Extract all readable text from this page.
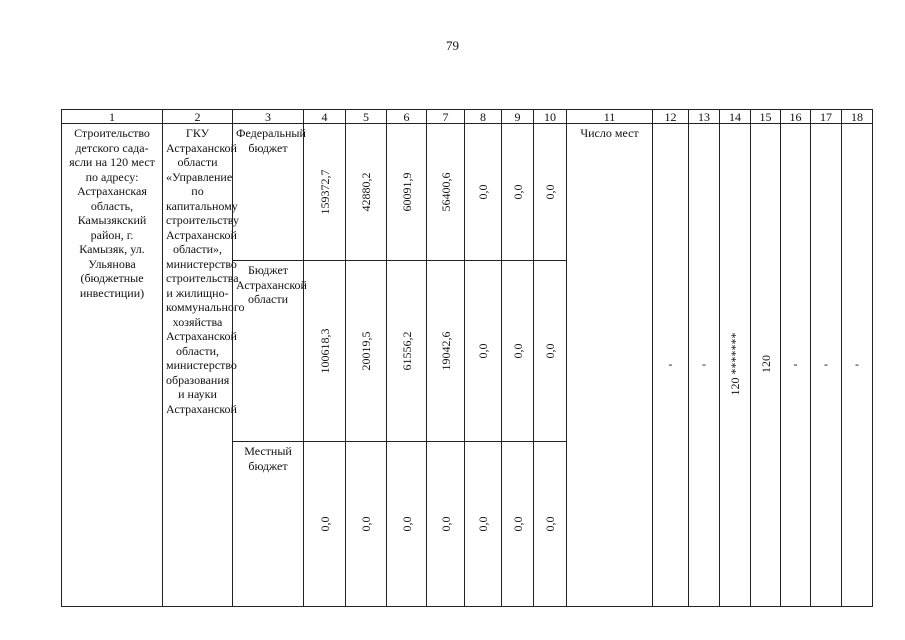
79
1	2	3	4	5	6	7	8	9	10	11	12	13	14	15	16	17	18

Строительство детского сада-ясли на 120 мест по адресу: Астраханская область, Камызякский район, г. Камызяк, ул. Ульянова (бюджетные инвестиции)	ГКУ Астраханской области «Управление по капитальному строительству Астраханской области», министерство строительства и жилищно-коммунального хозяйства Астраханской области, министерство образования и науки Астраханской	Федеральный бюджет	159372,7	42880,2	60091,9	56400,6	0,0	0,0	0,0	Число мест	-	-	120 *******	120	-	-	-

		Бюджет Астраханской области	100618,3	20019,5	61556,2	19042,6	0,0	0,0	0,0								

		Местный бюджет	0,0	0,0	0,0	0,0	0,0	0,0	0,0								
